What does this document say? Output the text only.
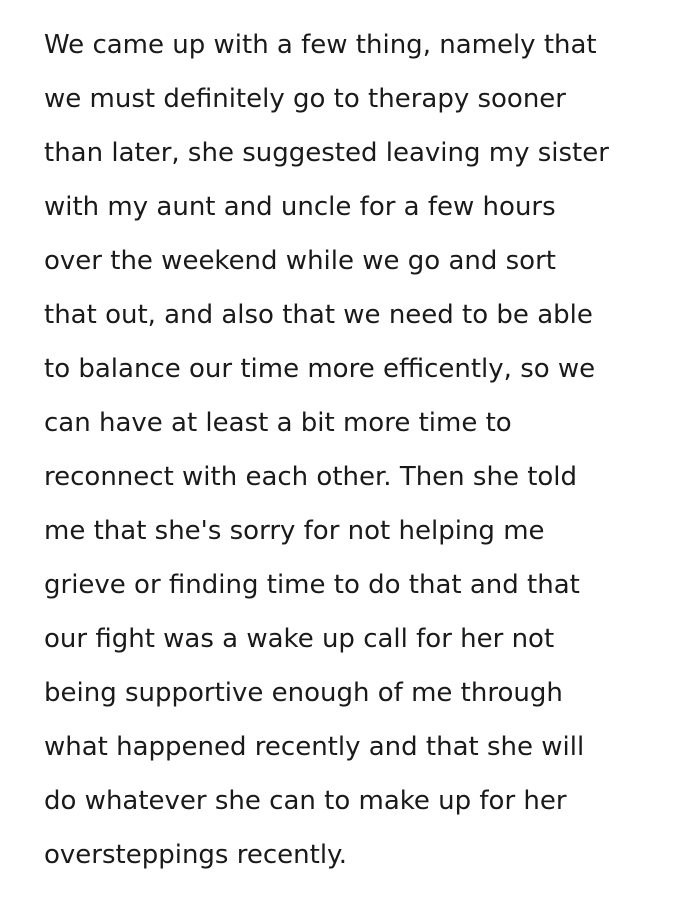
We came up with a few thing, namely that
we must definitely go to therapy sooner
than later, she suggested leaving my sister
with my aunt and uncle for a few hours
over the weekend while we go and sort
that out, and also that we need to be able
to balance our time more efficently, so we
can have at least a bit more time to
reconnect with each other. Then she told
me that she's sorry for not helping me
grieve or finding time to do that and that
our fight was a wake up call for her not
being supportive enough of me through
what happened recently and that she will
do whatever she can to make up for her
oversteppings recently.
